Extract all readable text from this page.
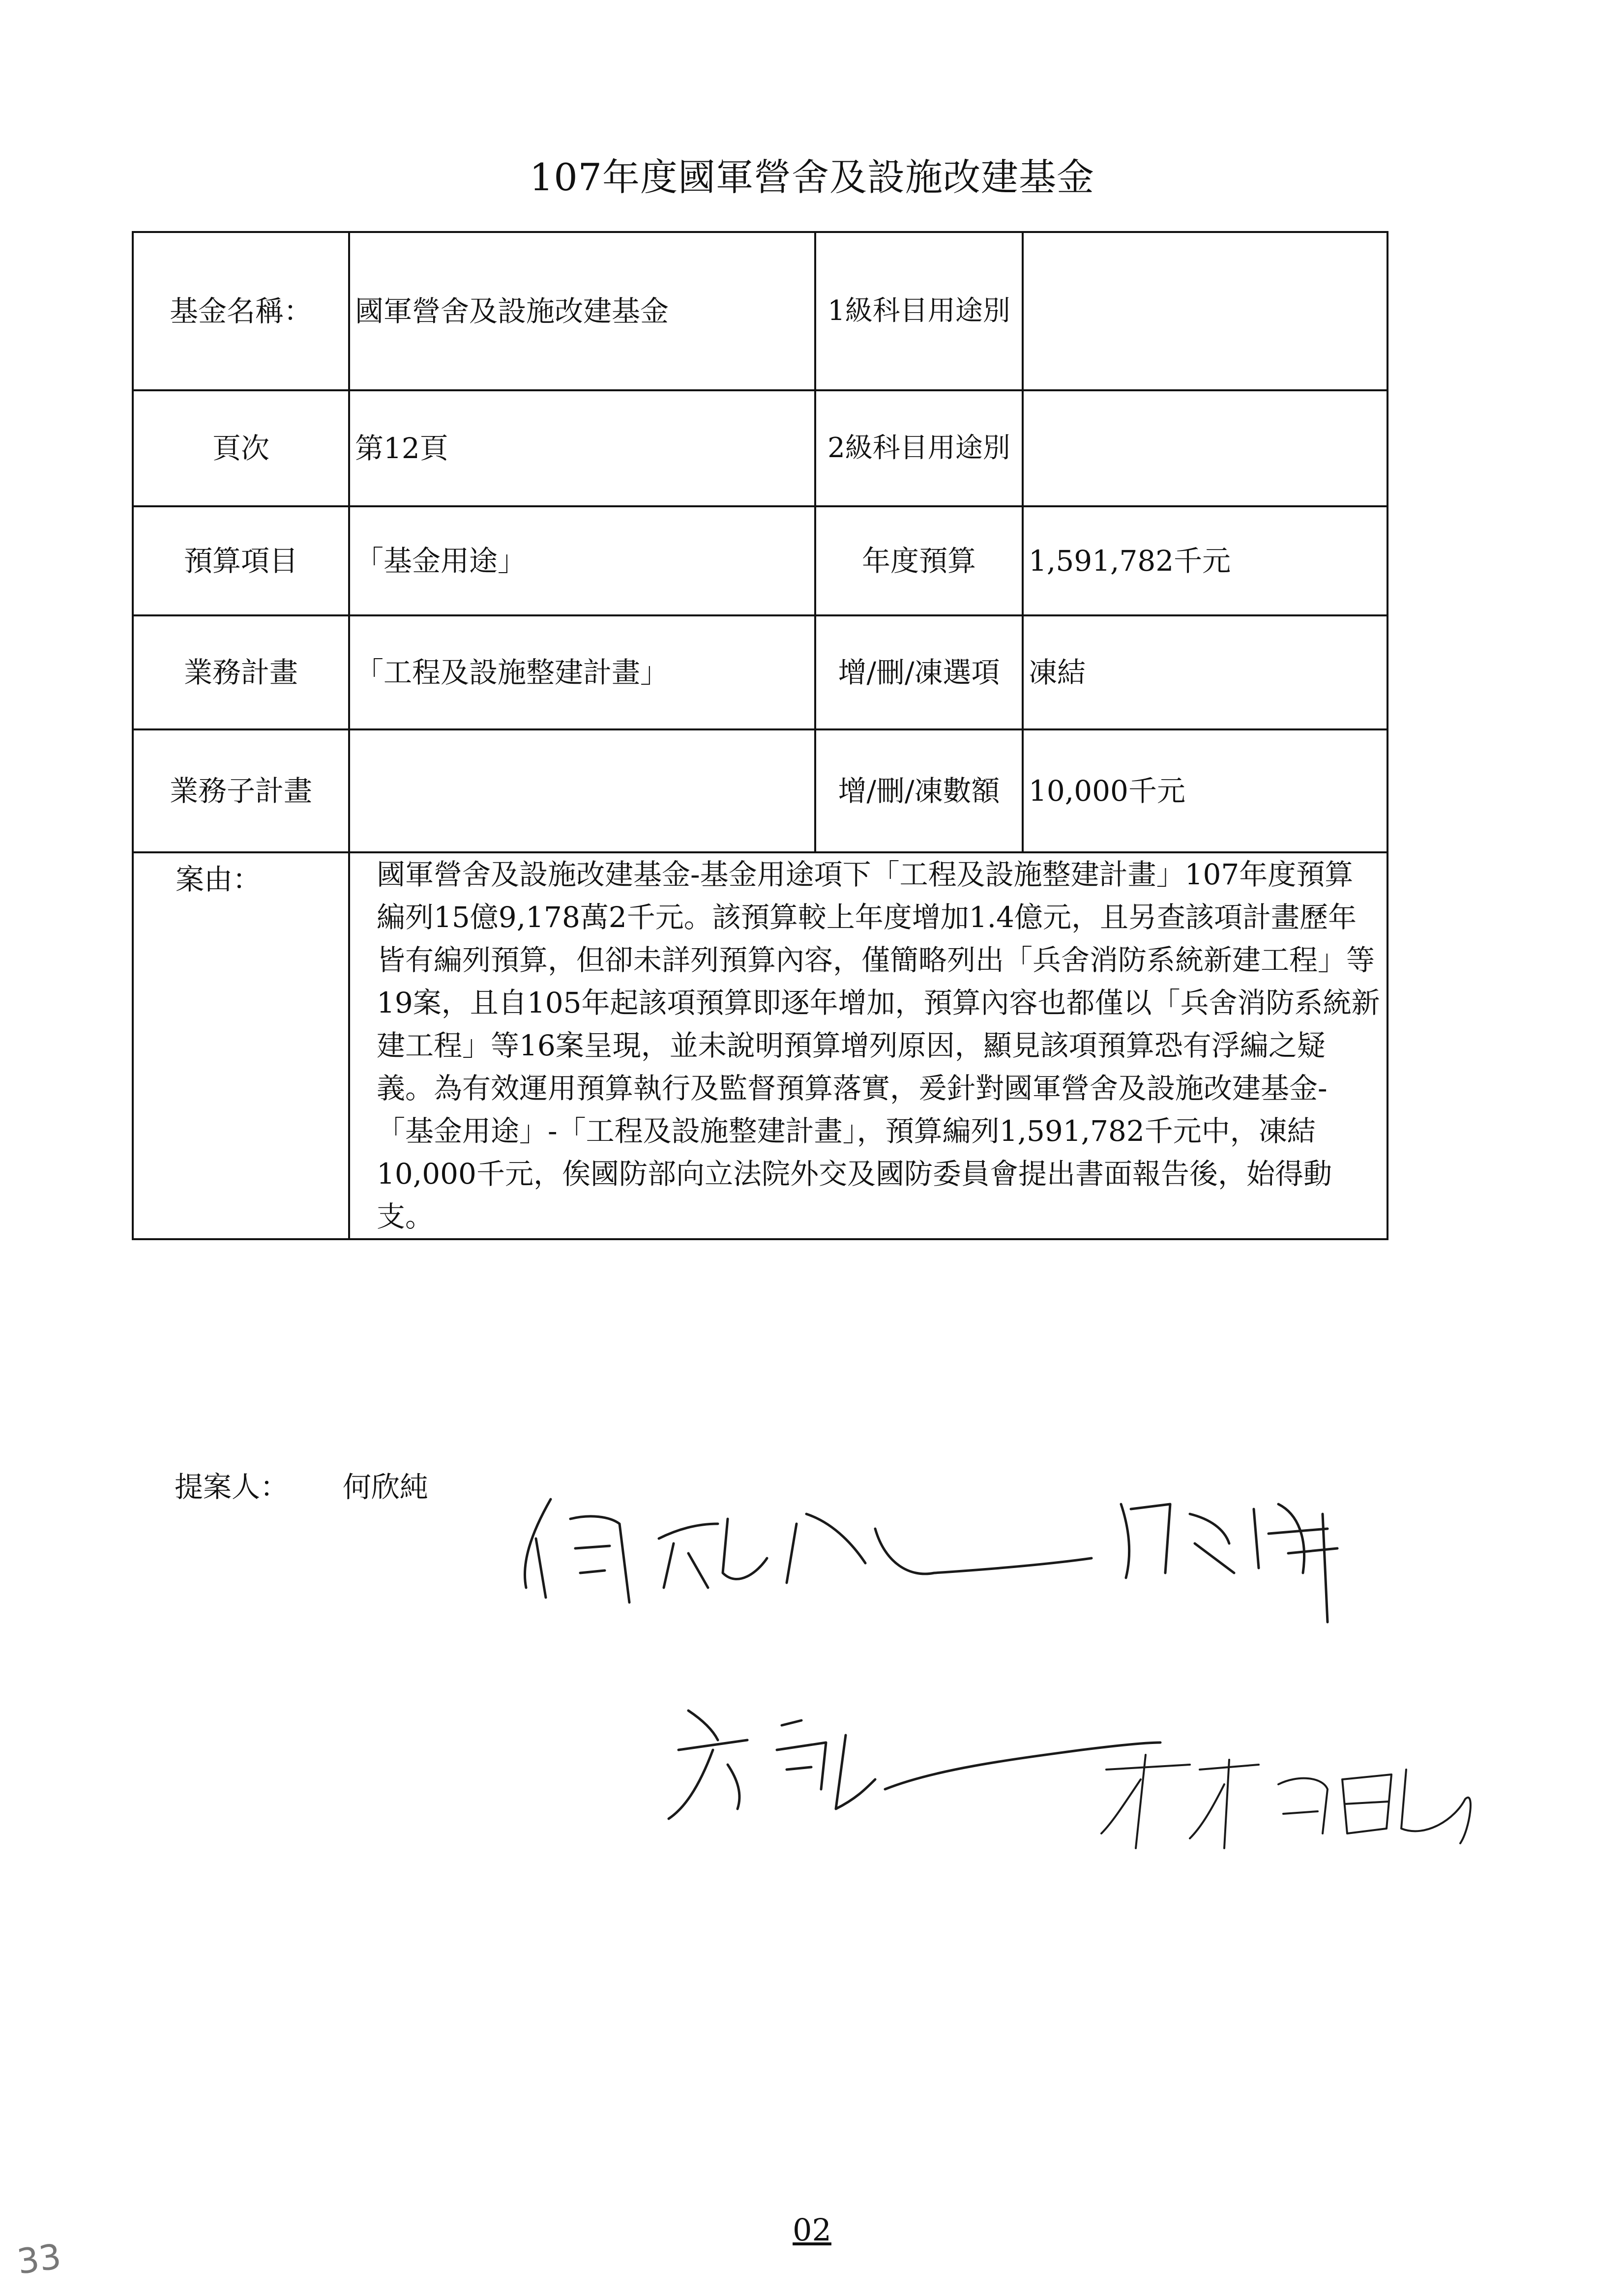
107年度國軍營舍及設施改建基金
基金名稱：	國軍營舍及設施改建基金	1級科目用途別	
頁次	第12頁	2級科目用途別	
預算項目	「基金用途」	年度預算	1,591,782千元
業務計畫	「工程及設施整建計畫」	增/刪/凍選項	凍結
業務子計畫		增/刪/凍數額	10,000千元
案由：	國軍營舍及設施改建基金-基金用途項下「工程及設施整建計畫」107年度預算編列15億9,178萬2千元。該預算較上年度增加1.4億元，且另查該項計畫歷年皆有編列預算，但卻未詳列預算內容，僅簡略列出「兵舍消防系統新建工程」等19案，且自105年起該項預算即逐年增加，預算內容也都僅以「兵舍消防系統新建工程」等16案呈現，並未說明預算增列原因，顯見該項預算恐有浮編之疑義。為有效運用預算執行及監督預算落實，爰針對國軍營舍及設施改建基金-「基金用途」-「工程及設施整建計畫」，預算編列1,591,782千元中，凍結10,000千元，俟國防部向立法院外交及國防委員會提出書面報告後，始得動支。		
提案人： 何欣純
02
33
